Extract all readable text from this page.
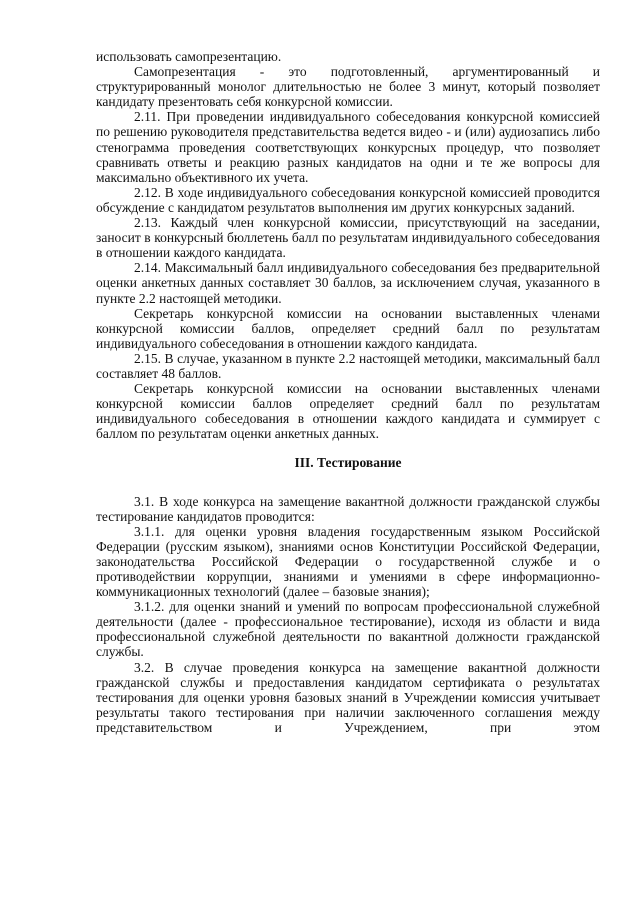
использовать самопрезентацию.

Самопрезентация - это подготовленный, аргументированный и структурированный монолог длительностью не более 3 минут, который позволяет кандидату презентовать себя конкурсной комиссии.

2.11. При проведении индивидуального собеседования конкурсной комиссией по решению руководителя представительства ведется видео - и (или) аудиозапись либо стенограмма проведения соответствующих конкурсных процедур, что позволяет сравнивать ответы и реакцию разных кандидатов на одни и те же вопросы для максимально объективного их учета.

2.12. В ходе индивидуального собеседования конкурсной комиссией проводится обсуждение с кандидатом результатов выполнения им других конкурсных заданий.

2.13. Каждый член конкурсной комиссии, присутствующий на заседании, заносит в конкурсный бюллетень балл по результатам индивидуального собеседования в отношении каждого кандидата.

2.14. Максимальный балл индивидуального собеседования без предварительной оценки анкетных данных составляет 30 баллов, за исключением случая, указанного в пункте 2.2 настоящей методики.

Секретарь конкурсной комиссии на основании выставленных членами конкурсной комиссии баллов, определяет средний балл по результатам индивидуального собеседования в отношении каждого кандидата.

2.15. В случае, указанном в пункте 2.2 настоящей методики, максимальный балл составляет 48 баллов.

Секретарь конкурсной комиссии на основании выставленных членами конкурсной комиссии баллов определяет средний балл по результатам индивидуального собеседования в отношении каждого кандидата и суммирует с баллом по результатам оценки анкетных данных.

III. Тестирование

3.1. В ходе конкурса на замещение вакантной должности гражданской службы тестирование кандидатов проводится:

3.1.1. для оценки уровня владения государственным языком Российской Федерации (русским языком), знаниями основ Конституции Российской Федерации, законодательства Российской Федерации о государственной службе и о противодействии коррупции, знаниями и умениями в сфере информационно-коммуникационных технологий (далее – базовые знания);

3.1.2. для оценки знаний и умений по вопросам профессиональной служебной деятельности (далее - профессиональное тестирование), исходя из области и вида профессиональной служебной деятельности по вакантной должности гражданской службы.

3.2. В случае проведения конкурса на замещение вакантной должности гражданской службы и предоставления кандидатом сертификата о результатах тестирования для оценки уровня базовых знаний в Учреждении комиссия учитывает результаты такого тестирования при наличии заключенного соглашения между представительством и Учреждением, при этом
